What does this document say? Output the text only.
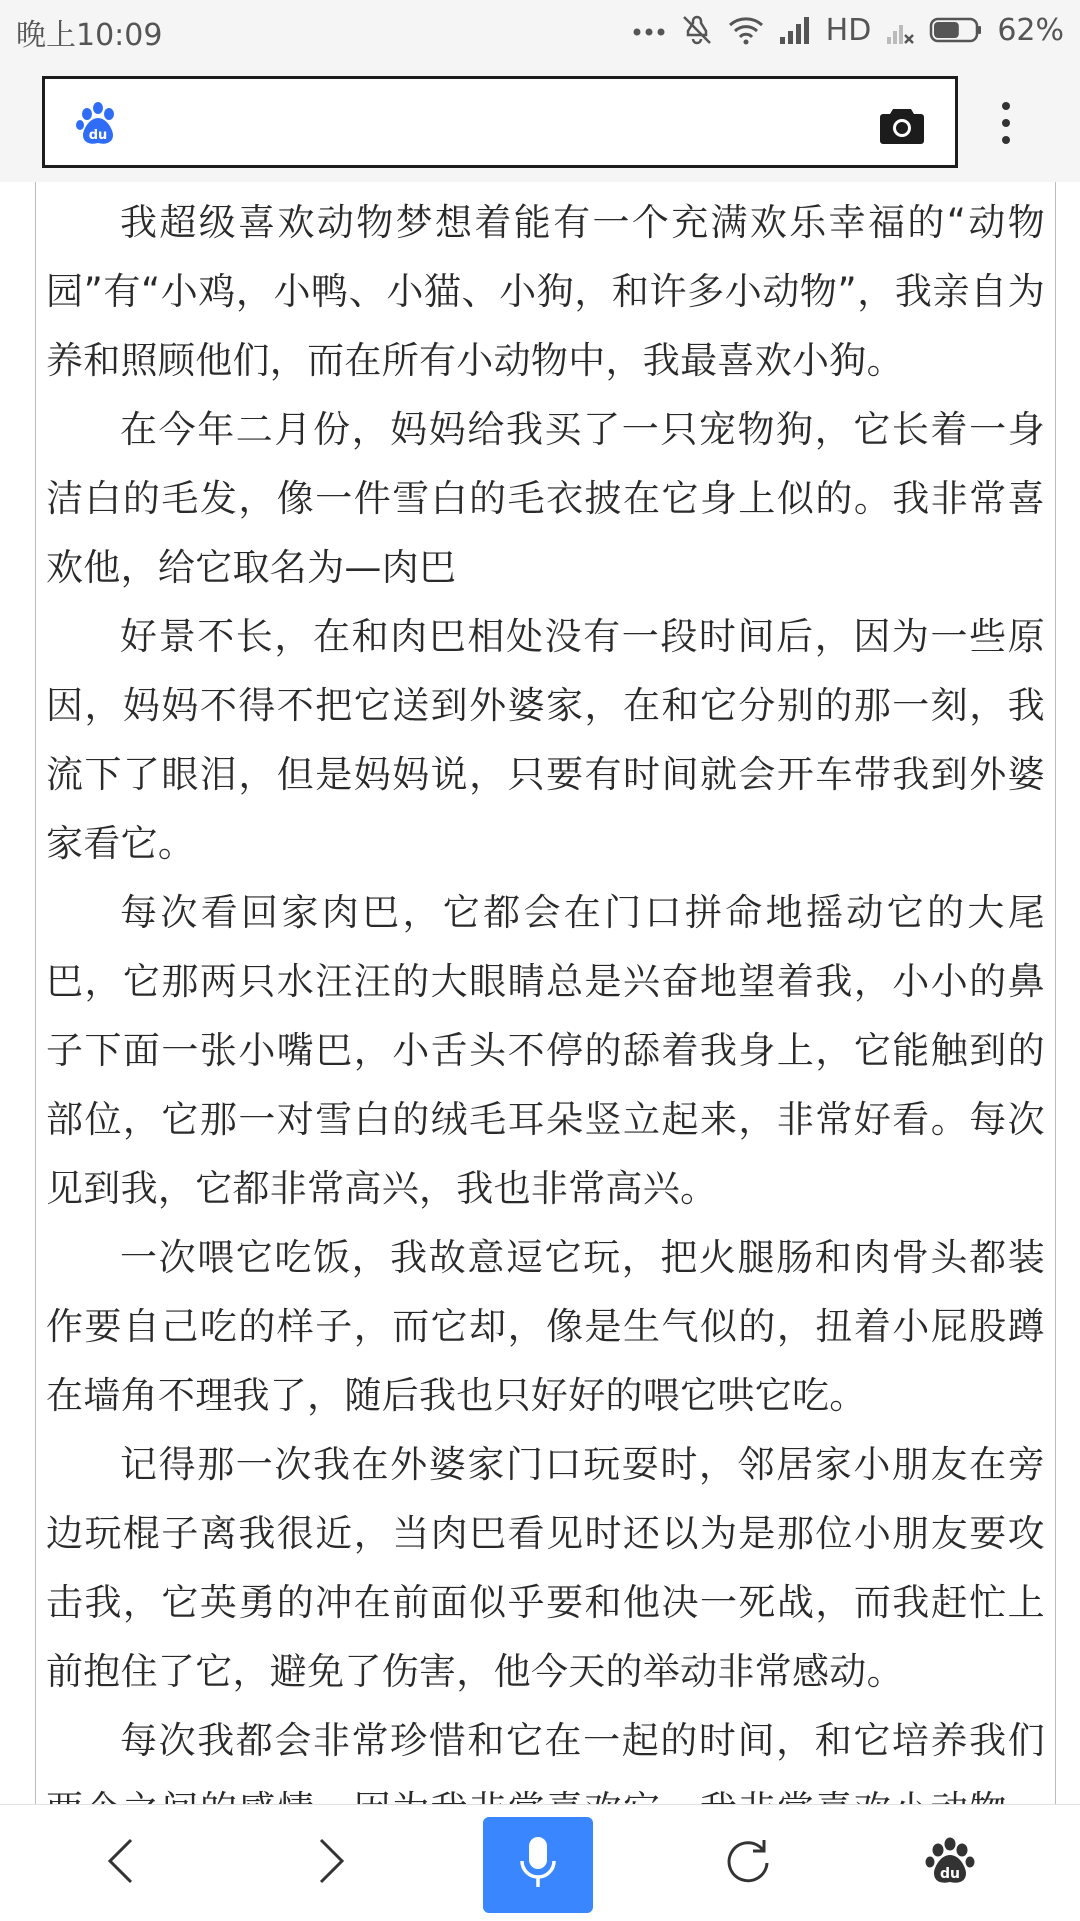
晚上10:09	HD	62%
du

我超级喜欢动物梦想着能有一个充满欢乐幸福的“动物园”有“小鸡，小鸭、小猫、小狗，和许多小动物”，我亲自为养和照顾他们，而在所有小动物中，我最喜欢小狗。

在今年二月份，妈妈给我买了一只宠物狗，它长着一身洁白的毛发，像一件雪白的毛衣披在它身上似的。我非常喜欢他，给它取名为—肉巴

好景不长，在和肉巴相处没有一段时间后，因为一些原因，妈妈不得不把它送到外婆家，在和它分别的那一刻，我流下了眼泪，但是妈妈说，只要有时间就会开车带我到外婆家看它。

每次看回家肉巴，它都会在门口拼命地摇动它的大尾巴，它那两只水汪汪的大眼睛总是兴奋地望着我，小小的鼻子下面一张小嘴巴，小舌头不停的舔着我身上，它能触到的部位，它那一对雪白的绒毛耳朵竖立起来，非常好看。每次见到我，它都非常高兴，我也非常高兴。

一次喂它吃饭，我故意逗它玩，把火腿肠和肉骨头都装作要自己吃的样子，而它却，像是生气似的，扭着小屁股蹲在墙角不理我了，随后我也只好好的喂它哄它吃。

记得那一次我在外婆家门口玩耍时，邻居家小朋友在旁边玩棍子离我很近，当肉巴看见时还以为是那位小朋友要攻击我，它英勇的冲在前面似乎要和他决一死战，而我赶忙上前抱住了它，避免了伤害，他今天的举动非常感动。

每次我都会非常珍惜和它在一起的时间，和它培养我们

du
